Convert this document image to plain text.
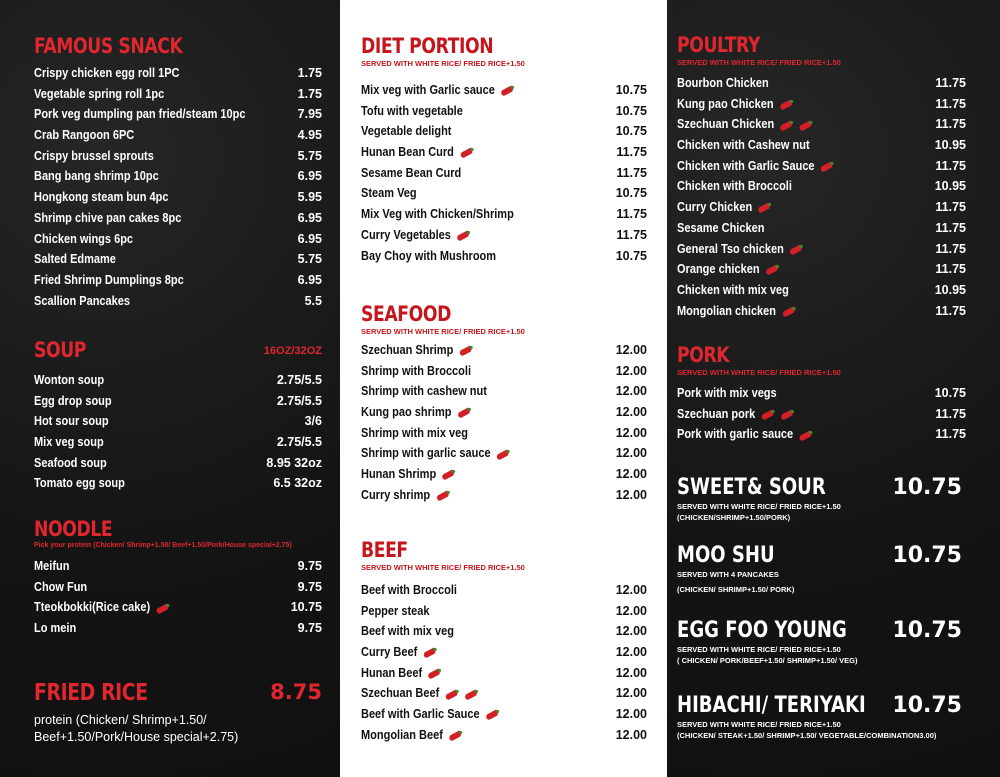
FAMOUS SNACK
Crispy chicken egg roll 1PC	1.75
Vegetable spring roll 1pc	1.75
Pork veg dumpling pan fried/steam 10pc	7.95
Crab Rangoon 6PC	4.95
Crispy brussel sprouts	5.75
Bang bang shrimp 10pc	6.95
Hongkong steam bun 4pc	5.95
Shrimp chive pan cakes 8pc	6.95
Chicken wings 6pc	6.95
Salted Edmame	5.75
Fried Shrimp Dumplings 8pc	6.95
Scallion Pancakes	5.5
SOUP	16OZ/32OZ
Wonton soup	2.75/5.5
Egg drop soup	2.75/5.5
Hot sour soup	3/6
Mix veg soup	2.75/5.5
Seafood soup	8.95 32oz
Tomato egg soup	6.5 32oz
NOODLE
Pick your protein (Chicken/ Shrimp+1.50/ Beef+1.50/Pork/House special+2.75)
Meifun	9.75
Chow Fun	9.75
Tteokbokki(Rice cake)	10.75
Lo mein	9.75
FRIED RICE	8.75
protein (Chicken/ Shrimp+1.50/
Beef+1.50/Pork/House special+2.75)
DIET PORTION
SERVED WITH WHITE RICE/ FRIED RICE+1.50
Mix veg with Garlic sauce	10.75
Tofu with vegetable	10.75
Vegetable delight	10.75
Hunan Bean Curd	11.75
Sesame Bean Curd	11.75
Steam Veg	10.75
Mix Veg with Chicken/Shrimp	11.75
Curry Vegetables	11.75
Bay Choy with Mushroom	10.75
SEAFOOD
SERVED WITH WHITE RICE/ FRIED RICE+1.50
Szechuan Shrimp	12.00
Shrimp with Broccoli	12.00
Shrimp with cashew nut	12.00
Kung pao shrimp	12.00
Shrimp with mix veg	12.00
Shrimp with garlic sauce	12.00
Hunan Shrimp	12.00
Curry shrimp	12.00
BEEF
SERVED WITH WHITE RICE/ FRIED RICE+1.50
Beef with Broccoli	12.00
Pepper steak	12.00
Beef with mix veg	12.00
Curry Beef	12.00
Hunan Beef	12.00
Szechuan Beef	12.00
Beef with Garlic Sauce	12.00
Mongolian Beef	12.00
POULTRY
SERVED WITH WHITE RICE/ FRIED RICE+1.50
Bourbon Chicken	11.75
Kung pao Chicken	11.75
Szechuan Chicken	11.75
Chicken with Cashew nut	10.95
Chicken with Garlic Sauce	11.75
Chicken with Broccoli	10.95
Curry Chicken	11.75
Sesame Chicken	11.75
General Tso chicken	11.75
Orange chicken	11.75
Chicken with mix veg	10.95
Mongolian chicken	11.75
PORK
SERVED WITH WHITE RICE/ FRIED RICE+1.50
Pork with mix vegs	10.75
Szechuan pork	11.75
Pork with garlic sauce	11.75
SWEET& SOUR	10.75
SERVED WITH WHITE RICE/ FRIED RICE+1.50
(CHICKEN/SHRIMP+1.50/PORK)
MOO SHU	10.75
SERVED WITH 4 PANCAKES
(CHICKEN/ SHRIMP+1.50/ PORK)
EGG FOO YOUNG	10.75
SERVED WITH WHITE RICE/ FRIED RICE+1.50
( CHICKEN/ PORK/BEEF+1.50/ SHRIMP+1.50/ VEG)
HIBACHI/ TERIYAKI	10.75
SERVED WITH WHITE RICE/ FRIED RICE+1.50
(CHICKEN/ STEAK+1.50/ SHRIMP+1.50/ VEGETABLE/COMBINATION3.00)
